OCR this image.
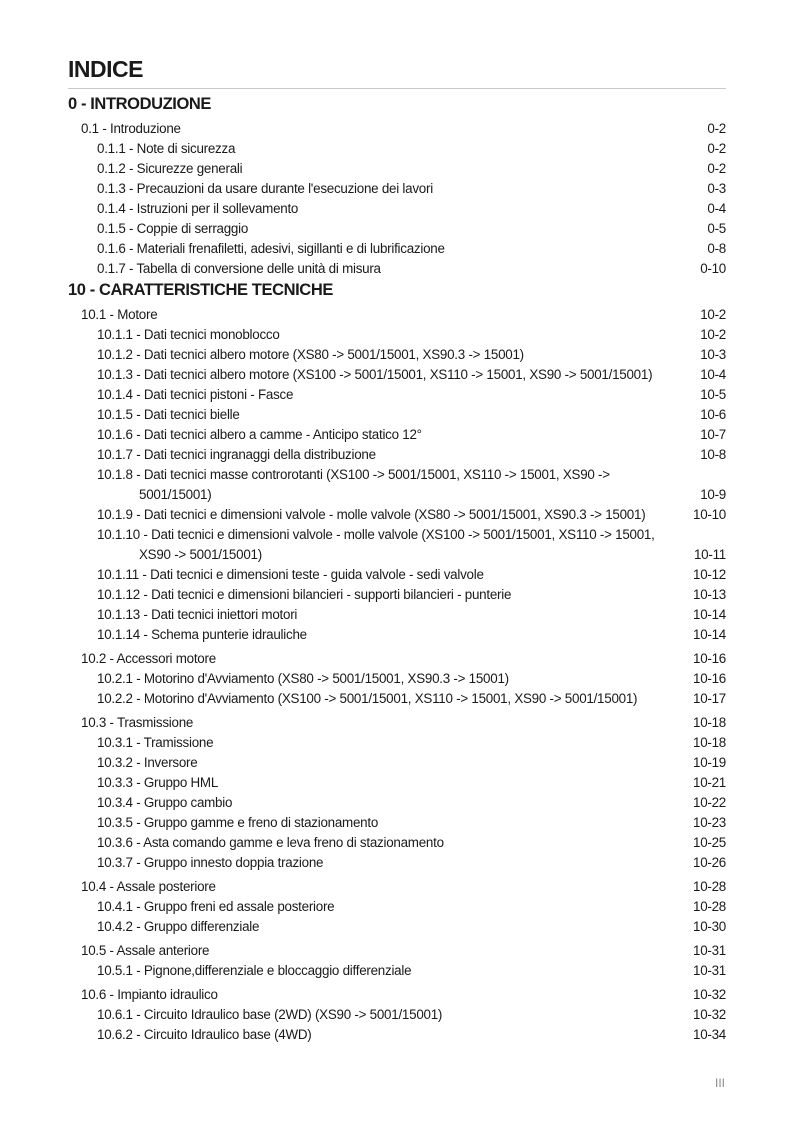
INDICE
0 - INTRODUZIONE
0.1 - Introduzione	0-2
0.1.1 - Note di sicurezza	0-2
0.1.2 - Sicurezze generali	0-2
0.1.3 - Precauzioni da usare durante l'esecuzione dei lavori	0-3
0.1.4 - Istruzioni per il sollevamento	0-4
0.1.5 - Coppie di serraggio	0-5
0.1.6 - Materiali frenafiletti, adesivi, sigillanti e di lubrificazione	0-8
0.1.7 - Tabella di conversione delle unità di misura	0-10
10 - CARATTERISTICHE TECNICHE
10.1 - Motore	10-2
10.1.1 - Dati tecnici monoblocco	10-2
10.1.2 - Dati tecnici albero motore (XS80 -> 5001/15001, XS90.3 -> 15001)	10-3
10.1.3 - Dati tecnici albero motore (XS100 -> 5001/15001, XS110 -> 15001, XS90 -> 5001/15001)	10-4
10.1.4 - Dati tecnici pistoni - Fasce	10-5
10.1.5 - Dati tecnici bielle	10-6
10.1.6 - Dati tecnici albero a camme - Anticipo statico 12°	10-7
10.1.7 - Dati tecnici ingranaggi della distribuzione	10-8
10.1.8 - Dati tecnici masse controrotanti (XS100 -> 5001/15001, XS110 -> 15001, XS90 -> 5001/15001)	10-9
10.1.9 - Dati tecnici e dimensioni valvole - molle valvole (XS80 -> 5001/15001, XS90.3 -> 15001)	10-10
10.1.10 - Dati tecnici e dimensioni valvole - molle valvole (XS100 -> 5001/15001, XS110 -> 15001, XS90 -> 5001/15001)	10-11
10.1.11 - Dati tecnici e dimensioni teste - guida valvole - sedi valvole	10-12
10.1.12 - Dati tecnici e dimensioni bilancieri - supporti bilancieri - punterie	10-13
10.1.13 - Dati tecnici iniettori motori	10-14
10.1.14 - Schema punterie idrauliche	10-14
10.2 - Accessori motore	10-16
10.2.1 - Motorino d'Avviamento (XS80 -> 5001/15001, XS90.3 -> 15001)	10-16
10.2.2 - Motorino d'Avviamento (XS100 -> 5001/15001, XS110 -> 15001, XS90 -> 5001/15001)	10-17
10.3 - Trasmissione	10-18
10.3.1 - Tramissione	10-18
10.3.2 - Inversore	10-19
10.3.3 - Gruppo HML	10-21
10.3.4 - Gruppo cambio	10-22
10.3.5 - Gruppo gamme e freno di stazionamento	10-23
10.3.6 - Asta comando gamme e leva freno di stazionamento	10-25
10.3.7 - Gruppo innesto doppia trazione	10-26
10.4 - Assale posteriore	10-28
10.4.1 - Gruppo freni ed assale posteriore	10-28
10.4.2 - Gruppo differenziale	10-30
10.5 - Assale anteriore	10-31
10.5.1 - Pignone,differenziale e bloccaggio differenziale	10-31
10.6 - Impianto idraulico	10-32
10.6.1 - Circuito Idraulico base (2WD) (XS90 -> 5001/15001)	10-32
10.6.2 - Circuito Idraulico base (4WD)	10-34
III
